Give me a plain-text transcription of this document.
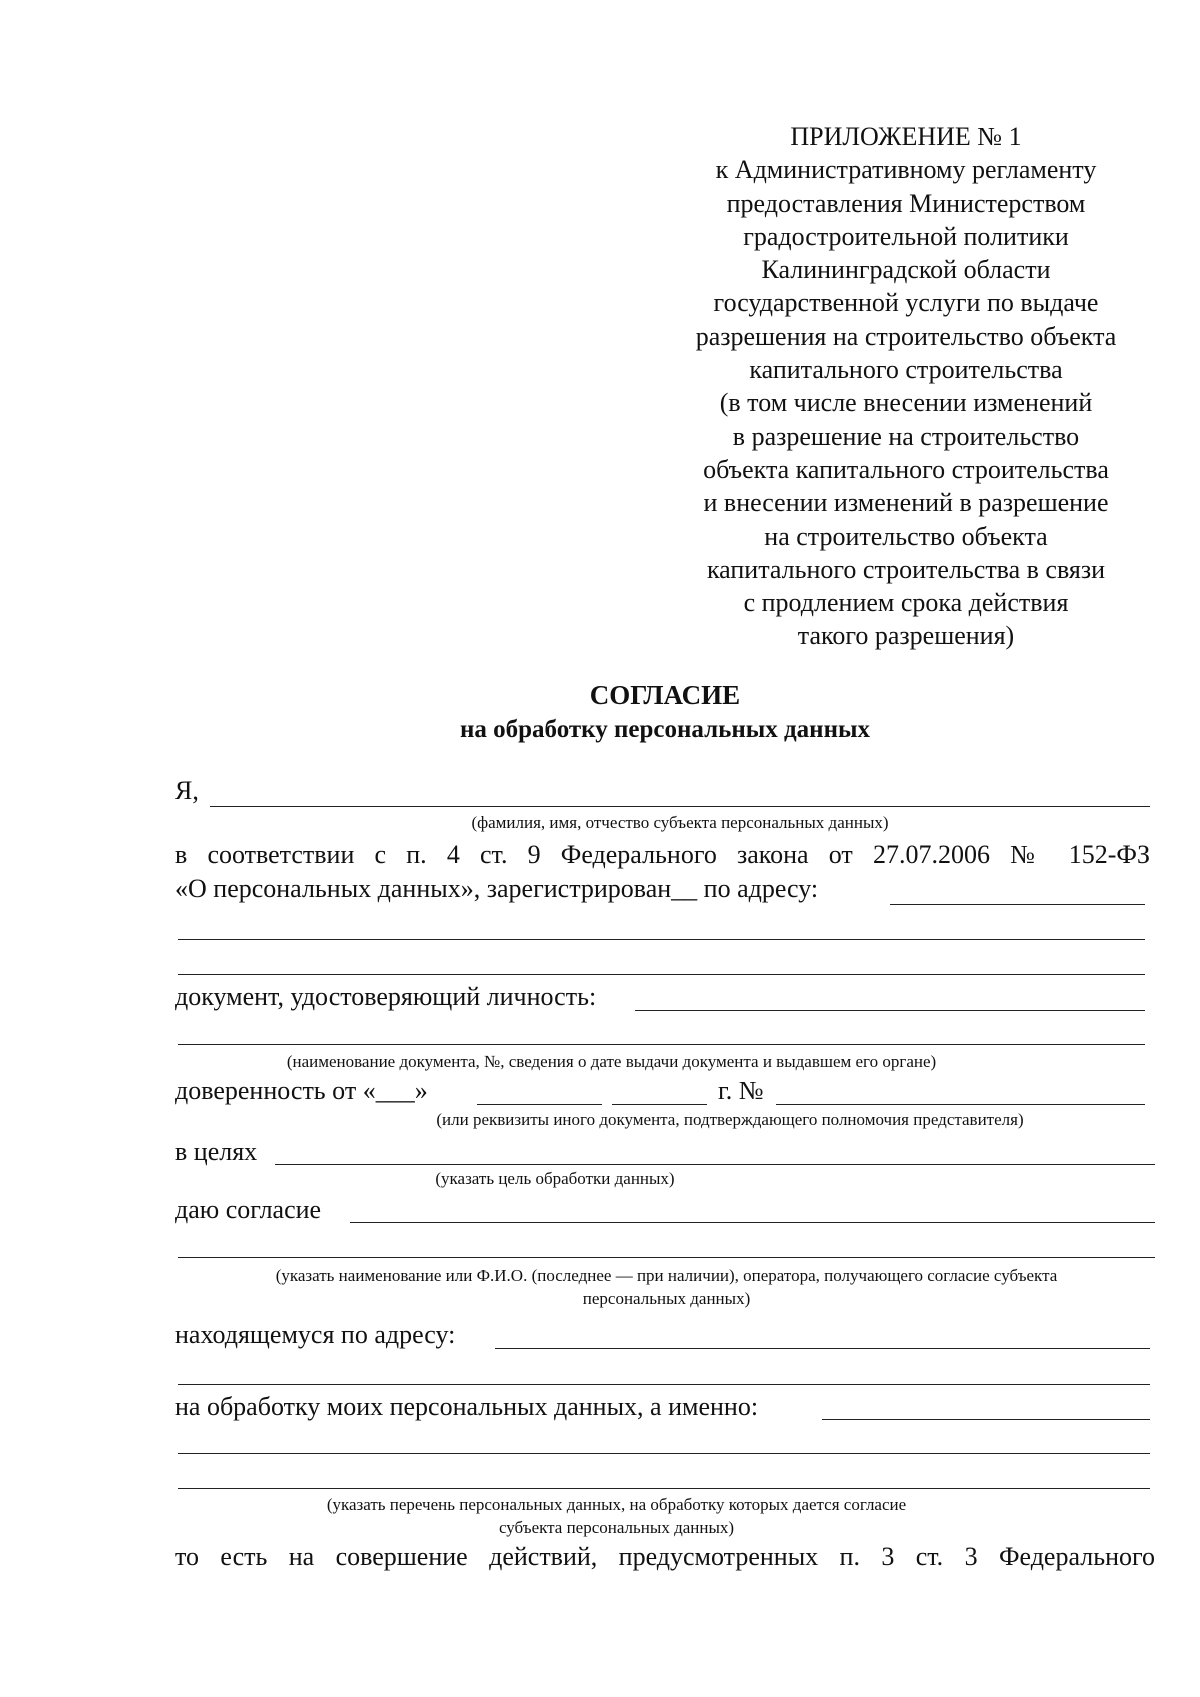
ПРИЛОЖЕНИЕ № 1
к Административному регламенту
предоставления Министерством
градостроительной политики
Калининградской области
государственной услуги по выдаче
разрешения на строительство объекта
капитального строительства
(в том числе внесении изменений
в разрешение на строительство
объекта капитального строительства
и внесении изменений в разрешение
на строительство объекта
капитального строительства в связи
с продлением срока действия
такого разрешения)
СОГЛАСИЕ
на обработку персональных данных
Я,
(фамилия, имя, отчество субъекта персональных данных)
в соответствии с п. 4 ст. 9 Федерального закона от 27.07.2006 № 152-ФЗ
«О персональных данных», зарегистрирован__ по адресу:
документ, удостоверяющий личность:
(наименование документа, №, сведения о дате выдачи документа и выдавшем его органе)
доверенность от «___»	г. №
(или реквизиты иного документа, подтверждающего полномочия представителя)
в целях
(указать цель обработки данных)
даю согласие
(указать наименование или Ф.И.О. (последнее — при наличии), оператора, получающего согласие субъекта
персональных данных)
находящемуся по адресу:
на обработку моих персональных данных, а именно:
(указать перечень персональных данных, на обработку которых дается согласие
субъекта персональных данных)
то есть на совершение действий, предусмотренных п. 3 ст. 3 Федерального
